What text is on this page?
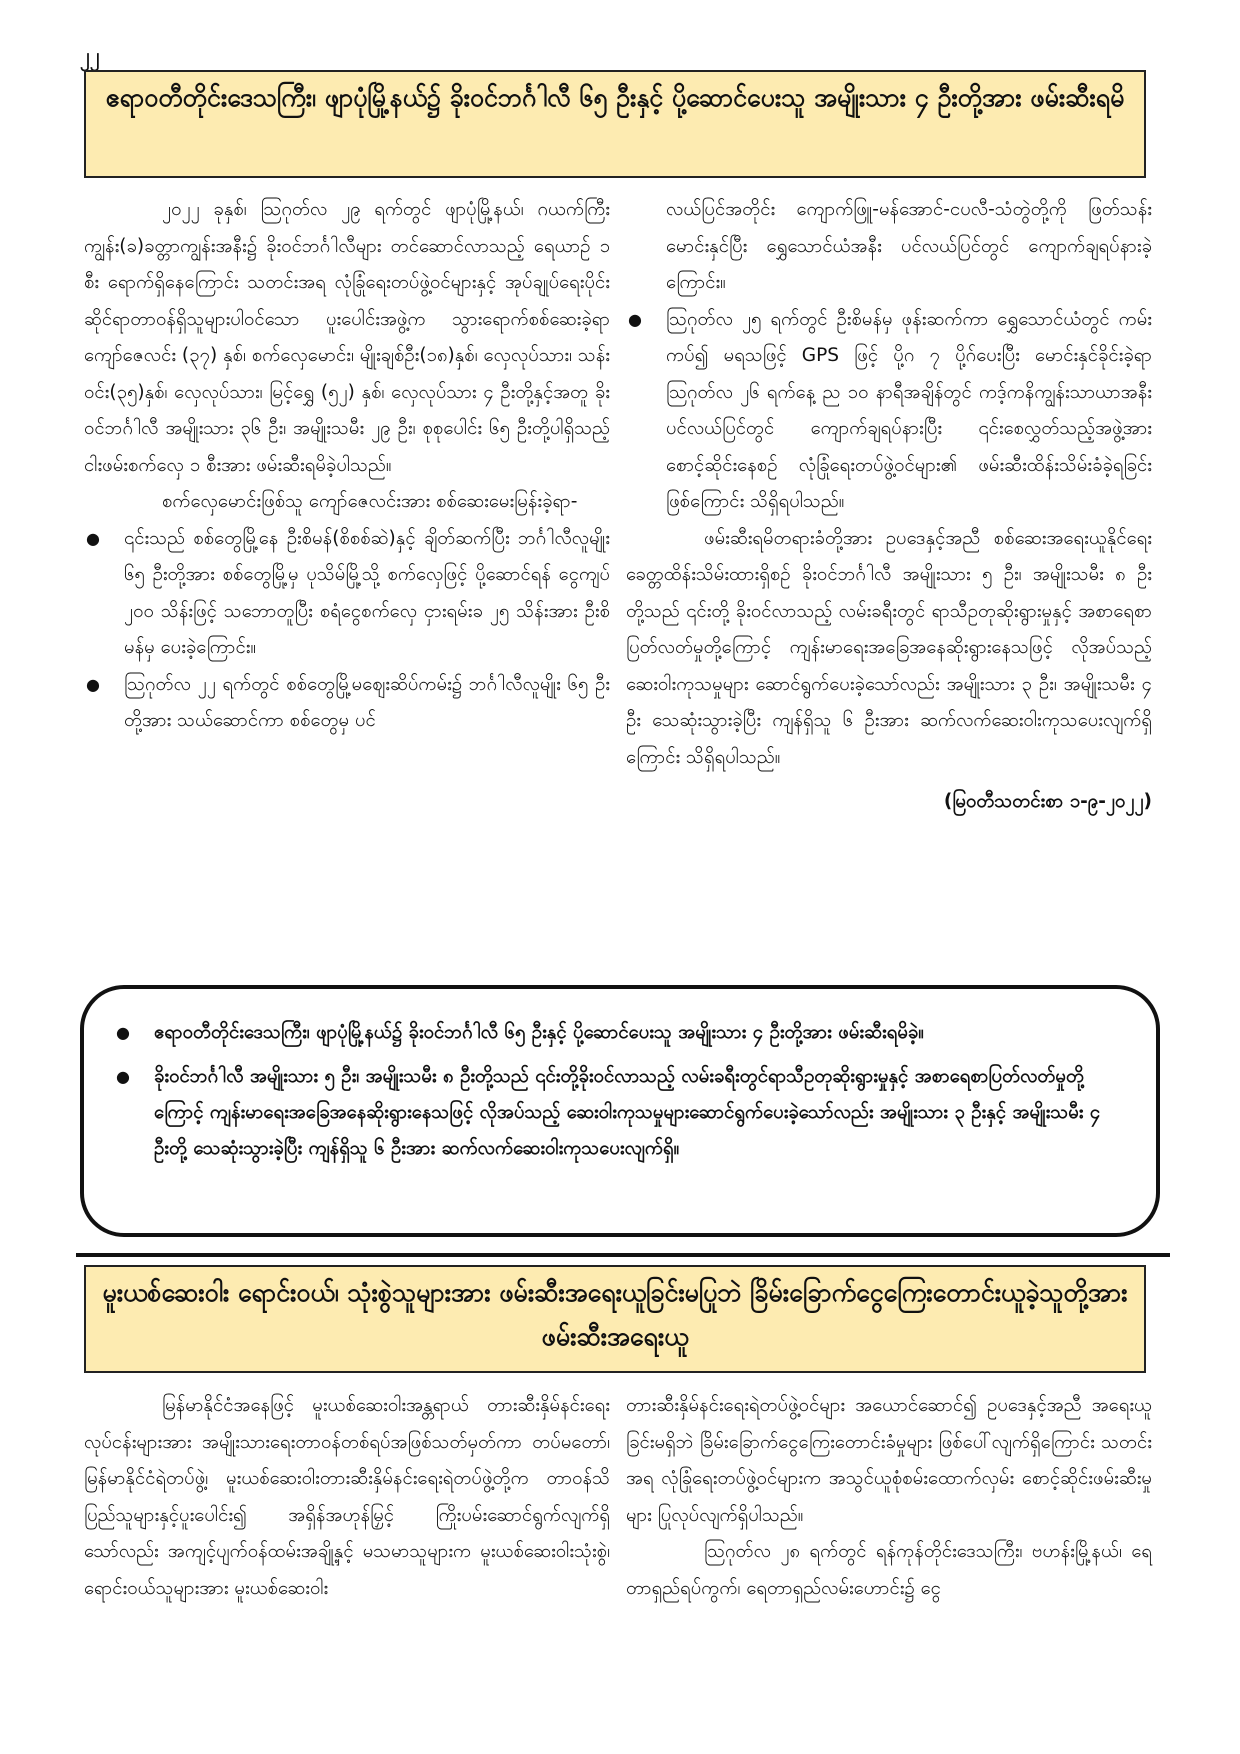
၂၂
ဧရာဝတီတိုင်းဒေသကြီး၊ ဖျာပုံမြို့နယ်၌ ခိုးဝင်ဘင်္ဂါလီ ၆၅ ဦးနှင့် ပို့ဆောင်ပေးသူ အမျိုးသား ၄ ဦးတို့အား ဖမ်းဆီးရမိ

၂၀၂၂ ခုနှစ်၊ ဩဂုတ်လ ၂၉ ရက်တွင် ဖျာပုံမြို့နယ်၊ ဂယက်ကြီးကျွန်း(ခ)ခတ္တာကျွန်းအနီး၌ ခိုးဝင်ဘင်္ဂါလီများ တင်ဆောင်လာသည့် ရေယာဉ် ၁ စီး ရောက်ရှိနေကြောင်း သတင်းအရ လုံခြုံရေးတပ်ဖွဲ့ဝင်များနှင့် အုပ်ချုပ်ရေးပိုင်းဆိုင်ရာတာဝန်ရှိသူများပါဝင်သော ပူးပေါင်းအဖွဲ့က သွားရောက်စစ်ဆေးခဲ့ရာ ကျော်ဇေလင်း (၃၇) နှစ်၊ စက်လှေမောင်း၊ မျိုးချစ်ဦး(၁၈)နှစ်၊ လှေလုပ်သား၊ သန်းဝင်း(၃၅)နှစ်၊ လှေလုပ်သား၊ မြင့်ရွှေ (၅၂) နှစ်၊ လှေလုပ်သား ၄ ဦးတို့နှင့်အတူ ခိုးဝင်ဘင်္ဂါလီ အမျိုးသား ၃၆ ဦး၊ အမျိုးသမီး ၂၉ ဦး၊ စုစုပေါင်း ၆၅ ဦးတို့ပါရှိသည့် ငါးဖမ်းစက်လှေ ၁ စီးအား ဖမ်းဆီးရမိခဲ့ပါသည်။

စက်လှေမောင်းဖြစ်သူ ကျော်ဇေလင်းအား စစ်ဆေးမေးမြန်းခဲ့ရာ-

● ၎င်းသည် စစ်တွေမြို့နေ ဦးစိမန်(စိစစ်ဆဲ)နှင့် ချိတ်ဆက်ပြီး ဘင်္ဂါလီလူမျိုး ၆၅ ဦးတို့အား စစ်တွေမြို့မှ ပုသိမ်မြို့သို့ စက်လှေဖြင့် ပို့ဆောင်ရန် ငွေကျပ် ၂၀၀ သိန်းဖြင့် သဘောတူပြီး စရံငွေစက်လှေ ငှားရမ်းခ ၂၅ သိန်းအား ဦးစိမန်မှ ပေးခဲ့ကြောင်း။

● ဩဂုတ်လ ၂၂ ရက်တွင် စစ်တွေမြို့မဈေးဆိပ်ကမ်း၌ ဘင်္ဂါလီလူမျိုး ၆၅ ဦးတို့အား သယ်ဆောင်ကာ စစ်တွေမှ ပင်

လယ်ပြင်အတိုင်း ကျောက်ဖြူ-မန်အောင်-ငပလီ-သံတွဲတို့ကို ဖြတ်သန်းမောင်းနှင်ပြီး ရွှေသောင်ယံအနီး ပင်လယ်ပြင်တွင် ကျောက်ချရပ်နားခဲ့ကြောင်း။

● ဩဂုတ်လ ၂၅ ရက်တွင် ဦးစိမန်မှ ဖုန်းဆက်ကာ ရွှေသောင်ယံတွင် ကမ်းကပ်၍ မရသဖြင့် GPS ဖြင့် ပို့ဂ ၇ ပို့ဂ်ပေးပြီး မောင်းနှင်ခိုင်းခဲ့ရာ ဩဂုတ်လ ၂၆ ရက်နေ့ ည ၁၀ နာရီအချိန်တွင် ကဒ့်ကနိကျွန်းသာယာအနီး ပင်လယ်ပြင်တွင် ကျောက်ချရပ်နားပြီး ၎င်းစေလွှတ်သည့်အဖွဲ့အား စောင့်ဆိုင်းနေစဉ် လုံခြုံရေးတပ်ဖွဲ့ဝင်များ၏ ဖမ်းဆီးထိန်းသိမ်းခံခဲ့ရခြင်းဖြစ်ကြောင်း သိရှိရပါသည်။

ဖမ်းဆီးရမိတရားခံတို့အား ဥပဒေနှင့်အညီ စစ်ဆေးအရေးယူနိုင်ရေး ခေတ္တထိန်းသိမ်းထားရှိစဉ် ခိုးဝင်ဘင်္ဂါလီ အမျိုးသား ၅ ဦး၊ အမျိုးသမီး ၈ ဦးတို့သည် ၎င်းတို့ ခိုးဝင်လာသည့် လမ်းခရီးတွင် ရာသီဥတုဆိုးရွားမှုနှင့် အစာရေစာပြတ်လတ်မှုတို့ကြောင့် ကျန်းမာရေးအခြေအနေဆိုးရွားနေသဖြင့် လိုအပ်သည့် ဆေးဝါးကုသမှုများ ဆောင်ရွက်ပေးခဲ့သော်လည်း အမျိုးသား ၃ ဦး၊ အမျိုးသမီး ၄ ဦး သေဆုံးသွားခဲ့ပြီး ကျန်ရှိသူ ၆ ဦးအား ဆက်လက်ဆေးဝါးကုသပေးလျက်ရှိကြောင်း သိရှိရပါသည်။

(မြဝတီသတင်းစာ ၁-၉-၂၀၂၂)

● ဧရာဝတီတိုင်းဒေသကြီး၊ ဖျာပုံမြို့နယ်၌ ခိုးဝင်ဘင်္ဂါလီ ၆၅ ဦးနှင့် ပို့ဆောင်ပေးသူ အမျိုးသား ၄ ဦးတို့အား ဖမ်းဆီးရမိခဲ့။

● ခိုးဝင်ဘင်္ဂါလီ အမျိုးသား ၅ ဦး၊ အမျိုးသမီး ၈ ဦးတို့သည် ၎င်းတို့ခိုးဝင်လာသည့် လမ်းခရီးတွင်ရာသီဥတုဆိုးရွားမှုနှင့် အစာရေစာပြတ်လတ်မှုတို့ကြောင့် ကျန်းမာရေးအခြေအနေဆိုးရွားနေသဖြင့် လိုအပ်သည့် ဆေးဝါးကုသမှုများဆောင်ရွက်ပေးခဲ့သော်လည်း အမျိုးသား ၃ ဦးနှင့် အမျိုးသမီး ၄ ဦးတို့ သေဆုံးသွားခဲ့ပြီး ကျန်ရှိသူ ၆ ဦးအား ဆက်လက်ဆေးဝါးကုသပေးလျက်ရှိ။

မူးယစ်ဆေးဝါး ရောင်းဝယ်၊ သုံးစွဲသူများအား ဖမ်းဆီးအရေးယူခြင်းမပြုဘဲ ခြိမ်းခြောက်ငွေကြေးတောင်းယူခဲ့သူတို့အား ဖမ်းဆီးအရေးယူ

မြန်မာနိုင်ငံအနေဖြင့် မူးယစ်ဆေးဝါးအန္တရာယ် တားဆီးနှိမ်နင်းရေးလုပ်ငန်းများအား အမျိုးသားရေးတာဝန်တစ်ရပ်အဖြစ်သတ်မှတ်ကာ တပ်မတော်၊ မြန်မာနိုင်ငံရဲတပ်ဖွဲ့၊ မူးယစ်ဆေးဝါးတားဆီးနှိမ်နင်းရေးရဲတပ်ဖွဲ့တို့က တာဝန်သိပြည်သူများနှင့်ပူးပေါင်း၍ အရှိန်အဟုန်မြှင့် ကြိုးပမ်းဆောင်ရွက်လျက်ရှိသော်လည်း အကျင့်ပျက်ဝန်ထမ်းအချို့နှင့် မသမာသူများက မူးယစ်ဆေးဝါးသုံးစွဲ၊ ရောင်းဝယ်သူများအား မူးယစ်ဆေးဝါး

တားဆီးနှိမ်နင်းရေးရဲတပ်ဖွဲ့ဝင်များ အယောင်ဆောင်၍ ဥပဒေနှင့်အညီ အရေးယူခြင်းမရှိဘဲ ခြိမ်းခြောက်ငွေကြေးတောင်းခံမှုများ ဖြစ်ပေါ်လျက်ရှိကြောင်း သတင်းအရ လုံခြုံရေးတပ်ဖွဲ့ဝင်များက အသွင်ယူစုံစမ်းထောက်လှမ်း စောင့်ဆိုင်းဖမ်းဆီးမှုများ ပြုလုပ်လျက်ရှိပါသည်။

ဩဂုတ်လ ၂၈ ရက်တွင် ရန်ကုန်တိုင်းဒေသကြီး၊ ဗဟန်းမြို့နယ်၊ ရေတာရှည်ရပ်ကွက်၊ ရေတာရှည်လမ်းဟောင်း၌ ငွေ
